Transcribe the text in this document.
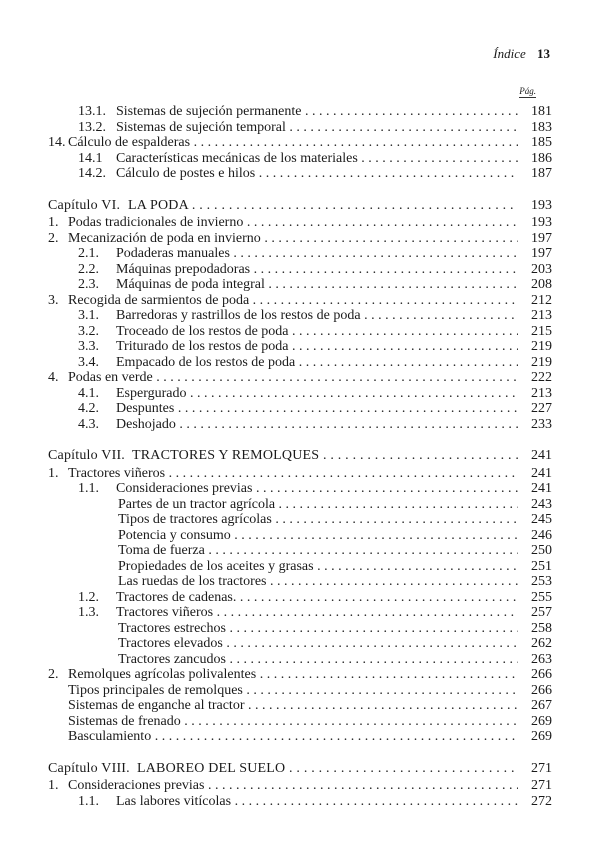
Índice 13
Pág.
13.1. Sistemas de sujeción permanente . . .	181
13.2. Sistemas de sujeción temporal . . .	183
14. Cálculo de espalderas . . .	185
14.1 Características mecánicas de los materiales . . .	186
14.2. Cálculo de postes e hilos . . .	187
Capítulo VI. LA PODA . . .	193
1. Podas tradicionales de invierno . . .	193
2. Mecanización de poda en invierno . . .	197
2.1. Podaderas manuales . . .	197
2.2. Máquinas prepodadoras . . .	203
2.3. Máquinas de poda integral . . .	208
3. Recogida de sarmientos de poda . . .	212
3.1. Barredoras y rastrillos de los restos de poda . . .	213
3.2. Troceado de los restos de poda . . .	215
3.3. Triturado de los restos de poda . . .	219
3.4. Empacado de los restos de poda . . .	219
4. Podas en verde . . .	222
4.1. Espergurado . . .	213
4.2. Despuntes . . .	227
4.3. Deshojado . . .	233
Capítulo VII. TRACTORES Y REMOLQUES . . .	241
1. Tractores viñeros . . .	241
1.1. Consideraciones previas . . .	241
Partes de un tractor agrícola . . .	243
Tipos de tractores agrícolas . . .	245
Potencia y consumo . . .	246
Toma de fuerza . . .	250
Propiedades de los aceites y grasas . . .	251
Las ruedas de los tractores . . .	253
1.2. Tractores de cadenas. . . .	255
1.3. Tractores viñeros . . .	257
Tractores estrechos . . .	258
Tractores elevados . . .	262
Tractores zancudos . . .	263
2. Remolques agrícolas polivalentes . . .	266
Tipos principales de remolques . . .	266
Sistemas de enganche al tractor . . .	267
Sistemas de frenado . . .	269
Basculamiento . . .	269
Capítulo VIII. LABOREO DEL SUELO . . .	271
1. Consideraciones previas . . .	271
1.1. Las labores vitícolas . . .	272
